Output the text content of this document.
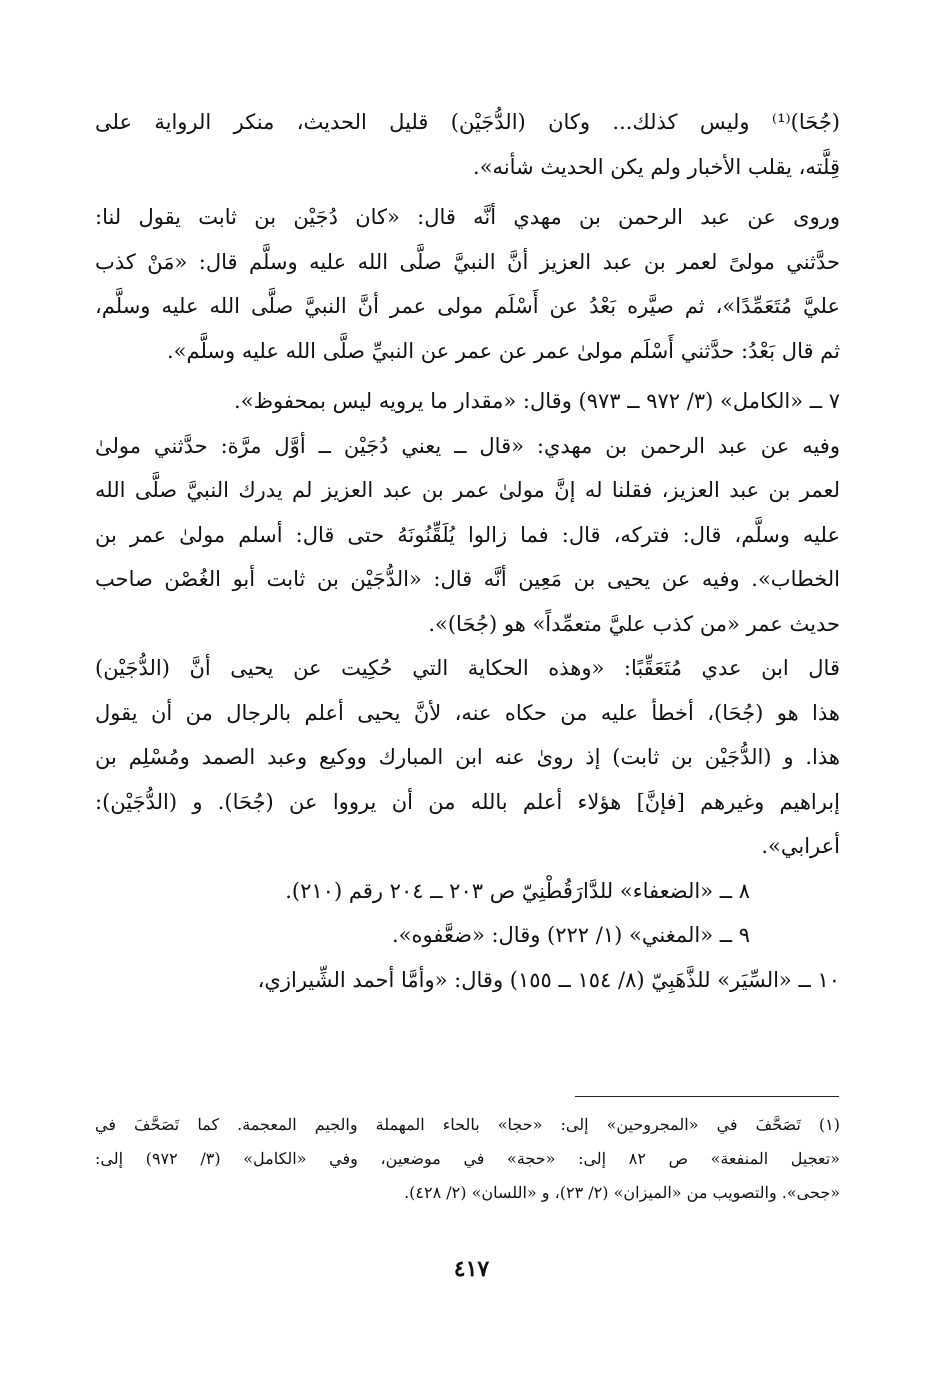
(جُحَا)⁽¹⁾ وليس كذلك... وكان (الدُّجَيْن) قليل الحديث، منكر الرواية على
قِلَّته، يقلب الأخبار ولم يكن الحديث شأنه».
وروى عن عبد الرحمن بن مهدي أنَّه قال: «كان دُجَيْن بن ثابت يقول لنا:
حدَّثني مولىً لعمر بن عبد العزيز أنَّ النبيَّ صلَّى الله عليه وسلَّم قال: «مَنْ كذب
عليَّ مُتَعَمِّدًا»، ثم صيَّره بَعْدُ عن أَسْلَم مولى عمر أنَّ النبيَّ صلَّى الله عليه وسلَّم،
ثم قال بَعْدُ: حدَّثني أَسْلَم مولىٰ عمر عن عمر عن النبيِّ صلَّى الله عليه وسلَّم».
٧ ــ «الكامل» (٣/ ٩٧٢ ــ ٩٧٣) وقال: «مقدار ما يرويه ليس بمحفوظ».
وفيه عن عبد الرحمن بن مهدي: «قال ــ يعني دُجَيْن ــ أوَّل مرَّة: حدَّثني مولىٰ
لعمر بن عبد العزيز، فقلنا له إنَّ مولىٰ عمر بن عبد العزيز لم يدرك النبيَّ صلَّى الله
عليه وسلَّم، قال: فتركه، قال: فما زالوا يُلَقِّنُونَهُ حتى قال: أسلم مولىٰ عمر بن
الخطاب». وفيه عن يحيى بن مَعِين أنَّه قال: «الدُّجَيْن بن ثابت أبو الغُصْن صاحب
حديث عمر «من كذب عليَّ متعمِّداً» هو (جُحَا)».
قال ابن عدي مُتَعَقِّبًا: «وهذه الحكاية التي حُكِيت عن يحيى أنَّ (الدُّجَيْن)
هذا هو (جُحَا)، أخطأ عليه من حكاه عنه، لأنَّ يحيى أعلم بالرجال من أن يقول
هذا. و (الدُّجَيْن بن ثابت) إذ روىٰ عنه ابن المبارك ووكيع وعبد الصمد ومُسْلِم بن
إبراهيم وغيرهم [فإنَّ] هؤلاء أعلم بالله من أن يرووا عن (جُحَا). و (الدُّجَيْن):
أعرابي».
٨ ــ «الضعفاء» للدَّارَقُطْنِيّ ص ٢٠٣ ــ ٢٠٤ رقم (٢١٠).
٩ ــ «المغني» (١/ ٢٢٢) وقال: «ضعَّفوه».
١٠ ــ «السِّيَر» للذَّهَبِيّ (٨/ ١٥٤ ــ ١٥٥) وقال: «وأمَّا أحمد الشِّيرازي،
(١) تَصَحَّفَ في «المجروحين» إلى: «حجا» بالحاء المهملة والجيم المعجمة. كما تَصَحَّفَ في
«تعجيل المنفعة» ص ٨٢ إلى: «حجة» في موضعين، وفي «الكامل» (٣/ ٩٧٢) إلى:
«جحى». والتصويب من «الميزان» (٢/ ٢٣)، و «اللسان» (٢/ ٤٢٨).
٤١٧
